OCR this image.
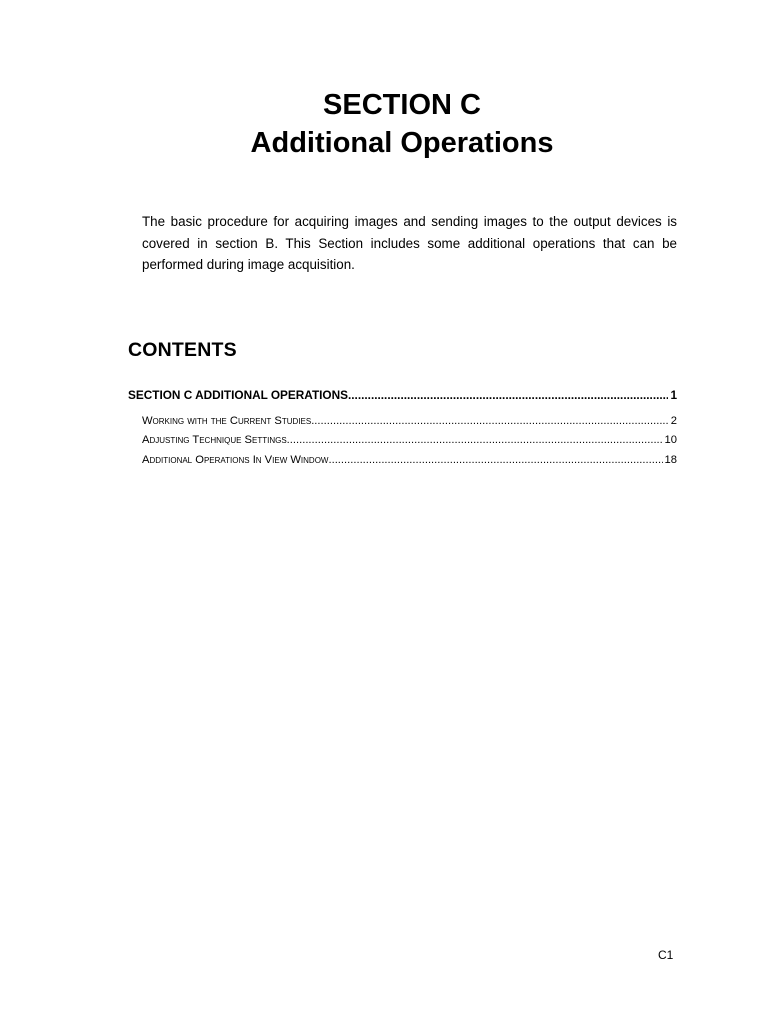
SECTION C
Additional Operations

The basic procedure for acquiring images and sending images to the output devices is covered in section B. This Section includes some additional operations that can be performed during image acquisition.

CONTENTS
SECTION C ADDITIONAL OPERATIONS .....	1
Working with the Current Studies .....	2
Adjusting Technique Settings .....	10
Additional Operations In View Window .....	18
C1
